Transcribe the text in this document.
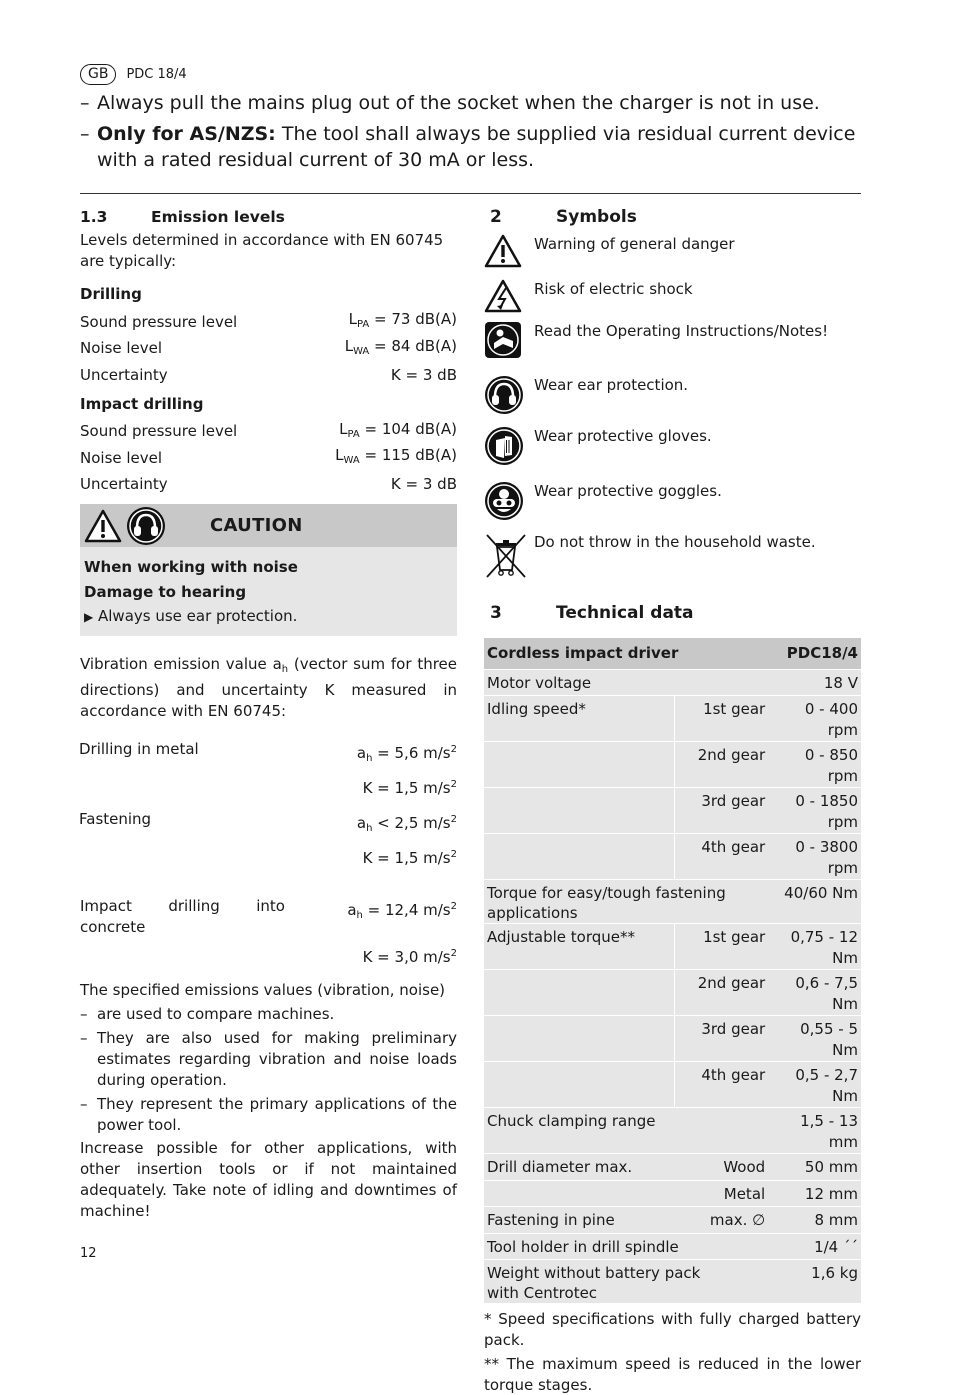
GB	PDC 18/4
– Always pull the mains plug out of the socket when the charger is not in use.
– Only for AS/NZS: The tool shall always be supplied via residual current device with a rated residual current of 30 mA or less.
1.3	Emission levels
Levels determined in accordance with EN 60745 are typically:
Drilling
Sound pressure level	$L_{PA} = 73$ dB(A)
Noise level	$L_{WA} = 84$ dB(A)
Uncertainty	K = 3 dB
Impact drilling
Sound pressure level	$L_{PA} = 104$ dB(A)
Noise level	$L_{WA} = 115$ dB(A)
Uncertainty	K = 3 dB
CAUTION
When working with noise
Damage to hearing
▶ Always use ear protection.
Vibration emission value $a_h$ (vector sum for three directions) and uncertainty K measured in accordance with EN 60745:
Drilling in metal	$a_h = 5,6$ $m/s^2$
K = 1,5 $m/s^2$
Fastening	$a_h < 2,5$ $m/s^2$
K = 1,5 $m/s^2$
Impact drilling into concrete
$a_h = 12,4$ $m/s^2$
K = 3,0 $m/s^2$
The specified emissions values (vibration, noise)
– are used to compare machines.
– They are also used for making preliminary estimates regarding vibration and noise loads during operation.
– They represent the primary applications of the power tool.
Increase possible for other applications, with other insertion tools or if not maintained adequately. Take note of idling and downtimes of machine!
2	Symbols
Warning of general danger
Risk of electric shock
Read the Operating Instructions/Notes!
Wear ear protection.
Wear protective gloves.
Wear protective goggles.
Do not throw in the household waste.
3	Technical data
Cordless impact driver		PDC18/4
Motor voltage		18 V
Idling speed*	1st gear	0 - 400 rpm
	2nd gear	0 - 850 rpm
	3rd gear	0 - 1850 rpm
	4th gear	0 - 3800 rpm
Torque for easy/tough fastening applications		40/60 Nm
Adjustable torque**	1st gear	0,75 - 12 Nm
	2nd gear	0,6 - 7,5 Nm
	3rd gear	0,55 - 5 Nm
	4th gear	0,5 - 2,7 Nm
Chuck clamping range		1,5 - 13 mm
Drill diameter max.	Wood	50 mm
	Metal	12 mm
Fastening in pine	max. ∅	8 mm
Tool holder in drill spindle		1/4 ´´
Weight without battery pack with Centrotec		1,6 kg
* Speed specifications with fully charged battery pack.
** The maximum speed is reduced in the lower torque stages.
12
